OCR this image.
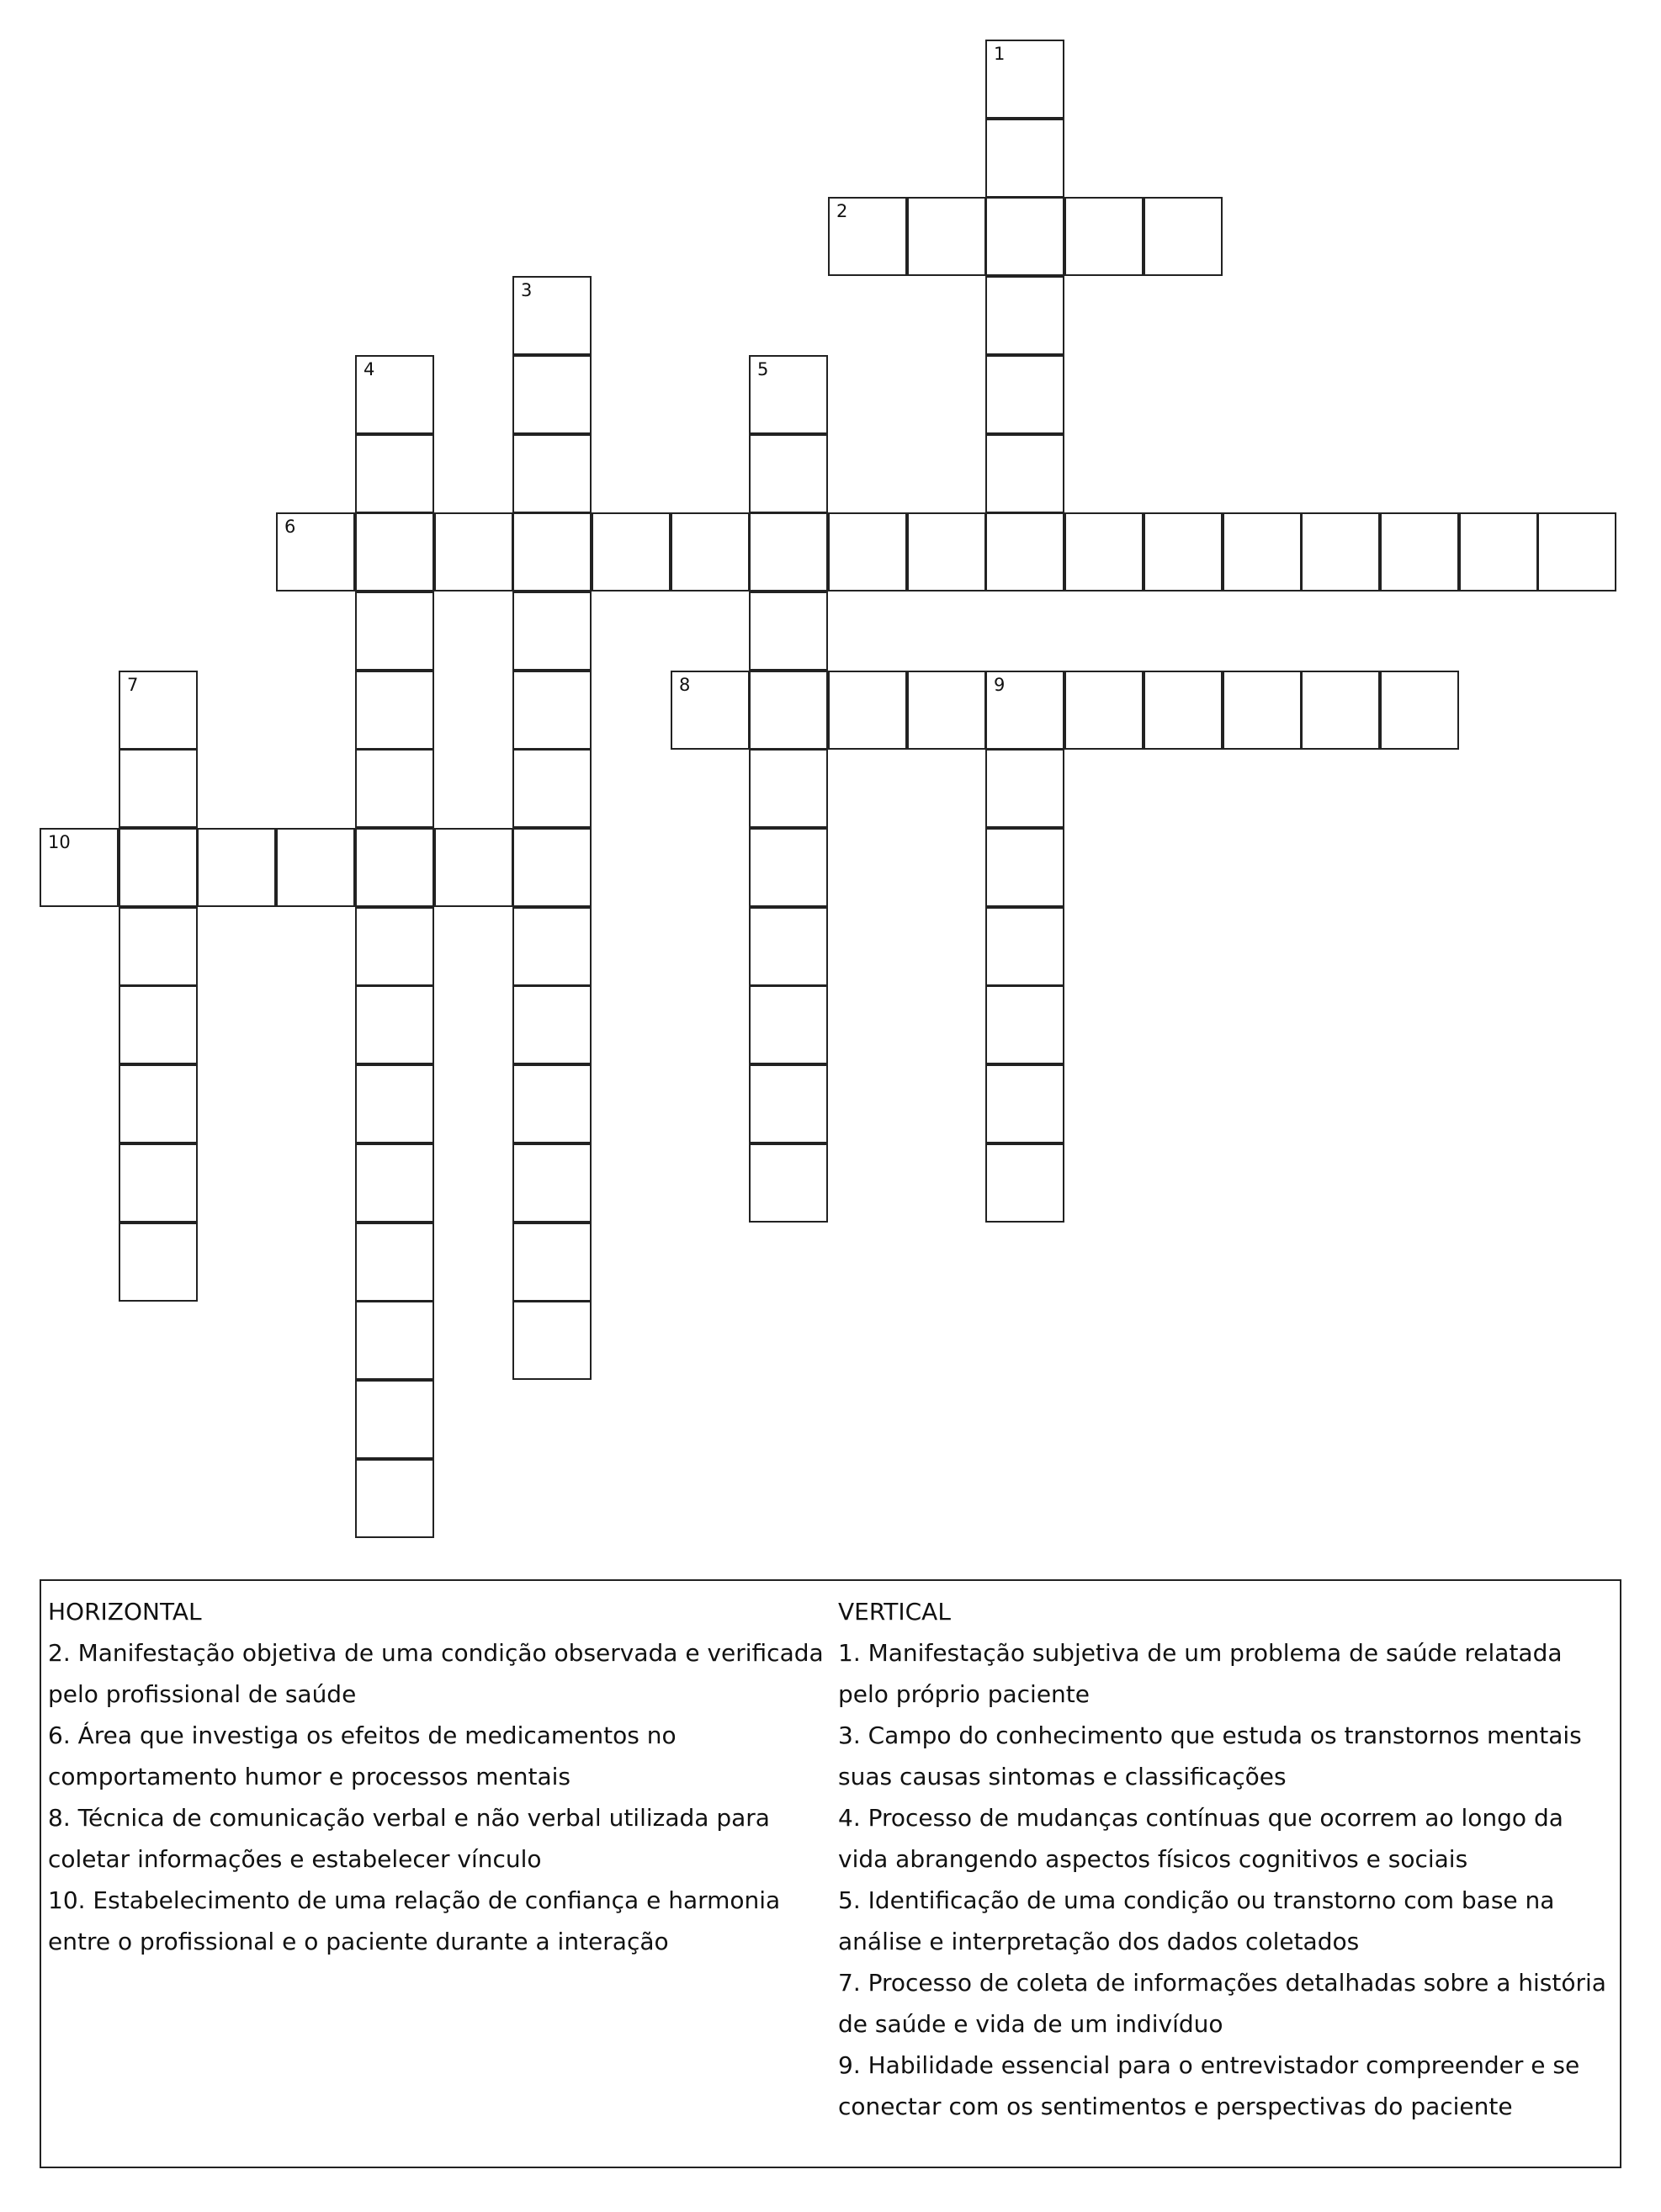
1
2
3
4	5
6
7	8	9
10
HORIZONTAL
2. Manifestação objetiva de uma condição observada e verificada pelo profissional de saúde
6. Área que investiga os efeitos de medicamentos no comportamento humor e processos mentais
8. Técnica de comunicação verbal e não verbal utilizada para coletar informações e estabelecer vínculo
10. Estabelecimento de uma relação de confiança e harmonia entre o profissional e o paciente durante a interação
VERTICAL
1. Manifestação subjetiva de um problema de saúde relatada pelo próprio paciente
3. Campo do conhecimento que estuda os transtornos mentais suas causas sintomas e classificações
4. Processo de mudanças contínuas que ocorrem ao longo da vida abrangendo aspectos físicos cognitivos e sociais
5. Identificação de uma condição ou transtorno com base na análise e interpretação dos dados coletados
7. Processo de coleta de informações detalhadas sobre a história de saúde e vida de um indivíduo
9. Habilidade essencial para o entrevistador compreender e se conectar com os sentimentos e perspectivas do paciente
